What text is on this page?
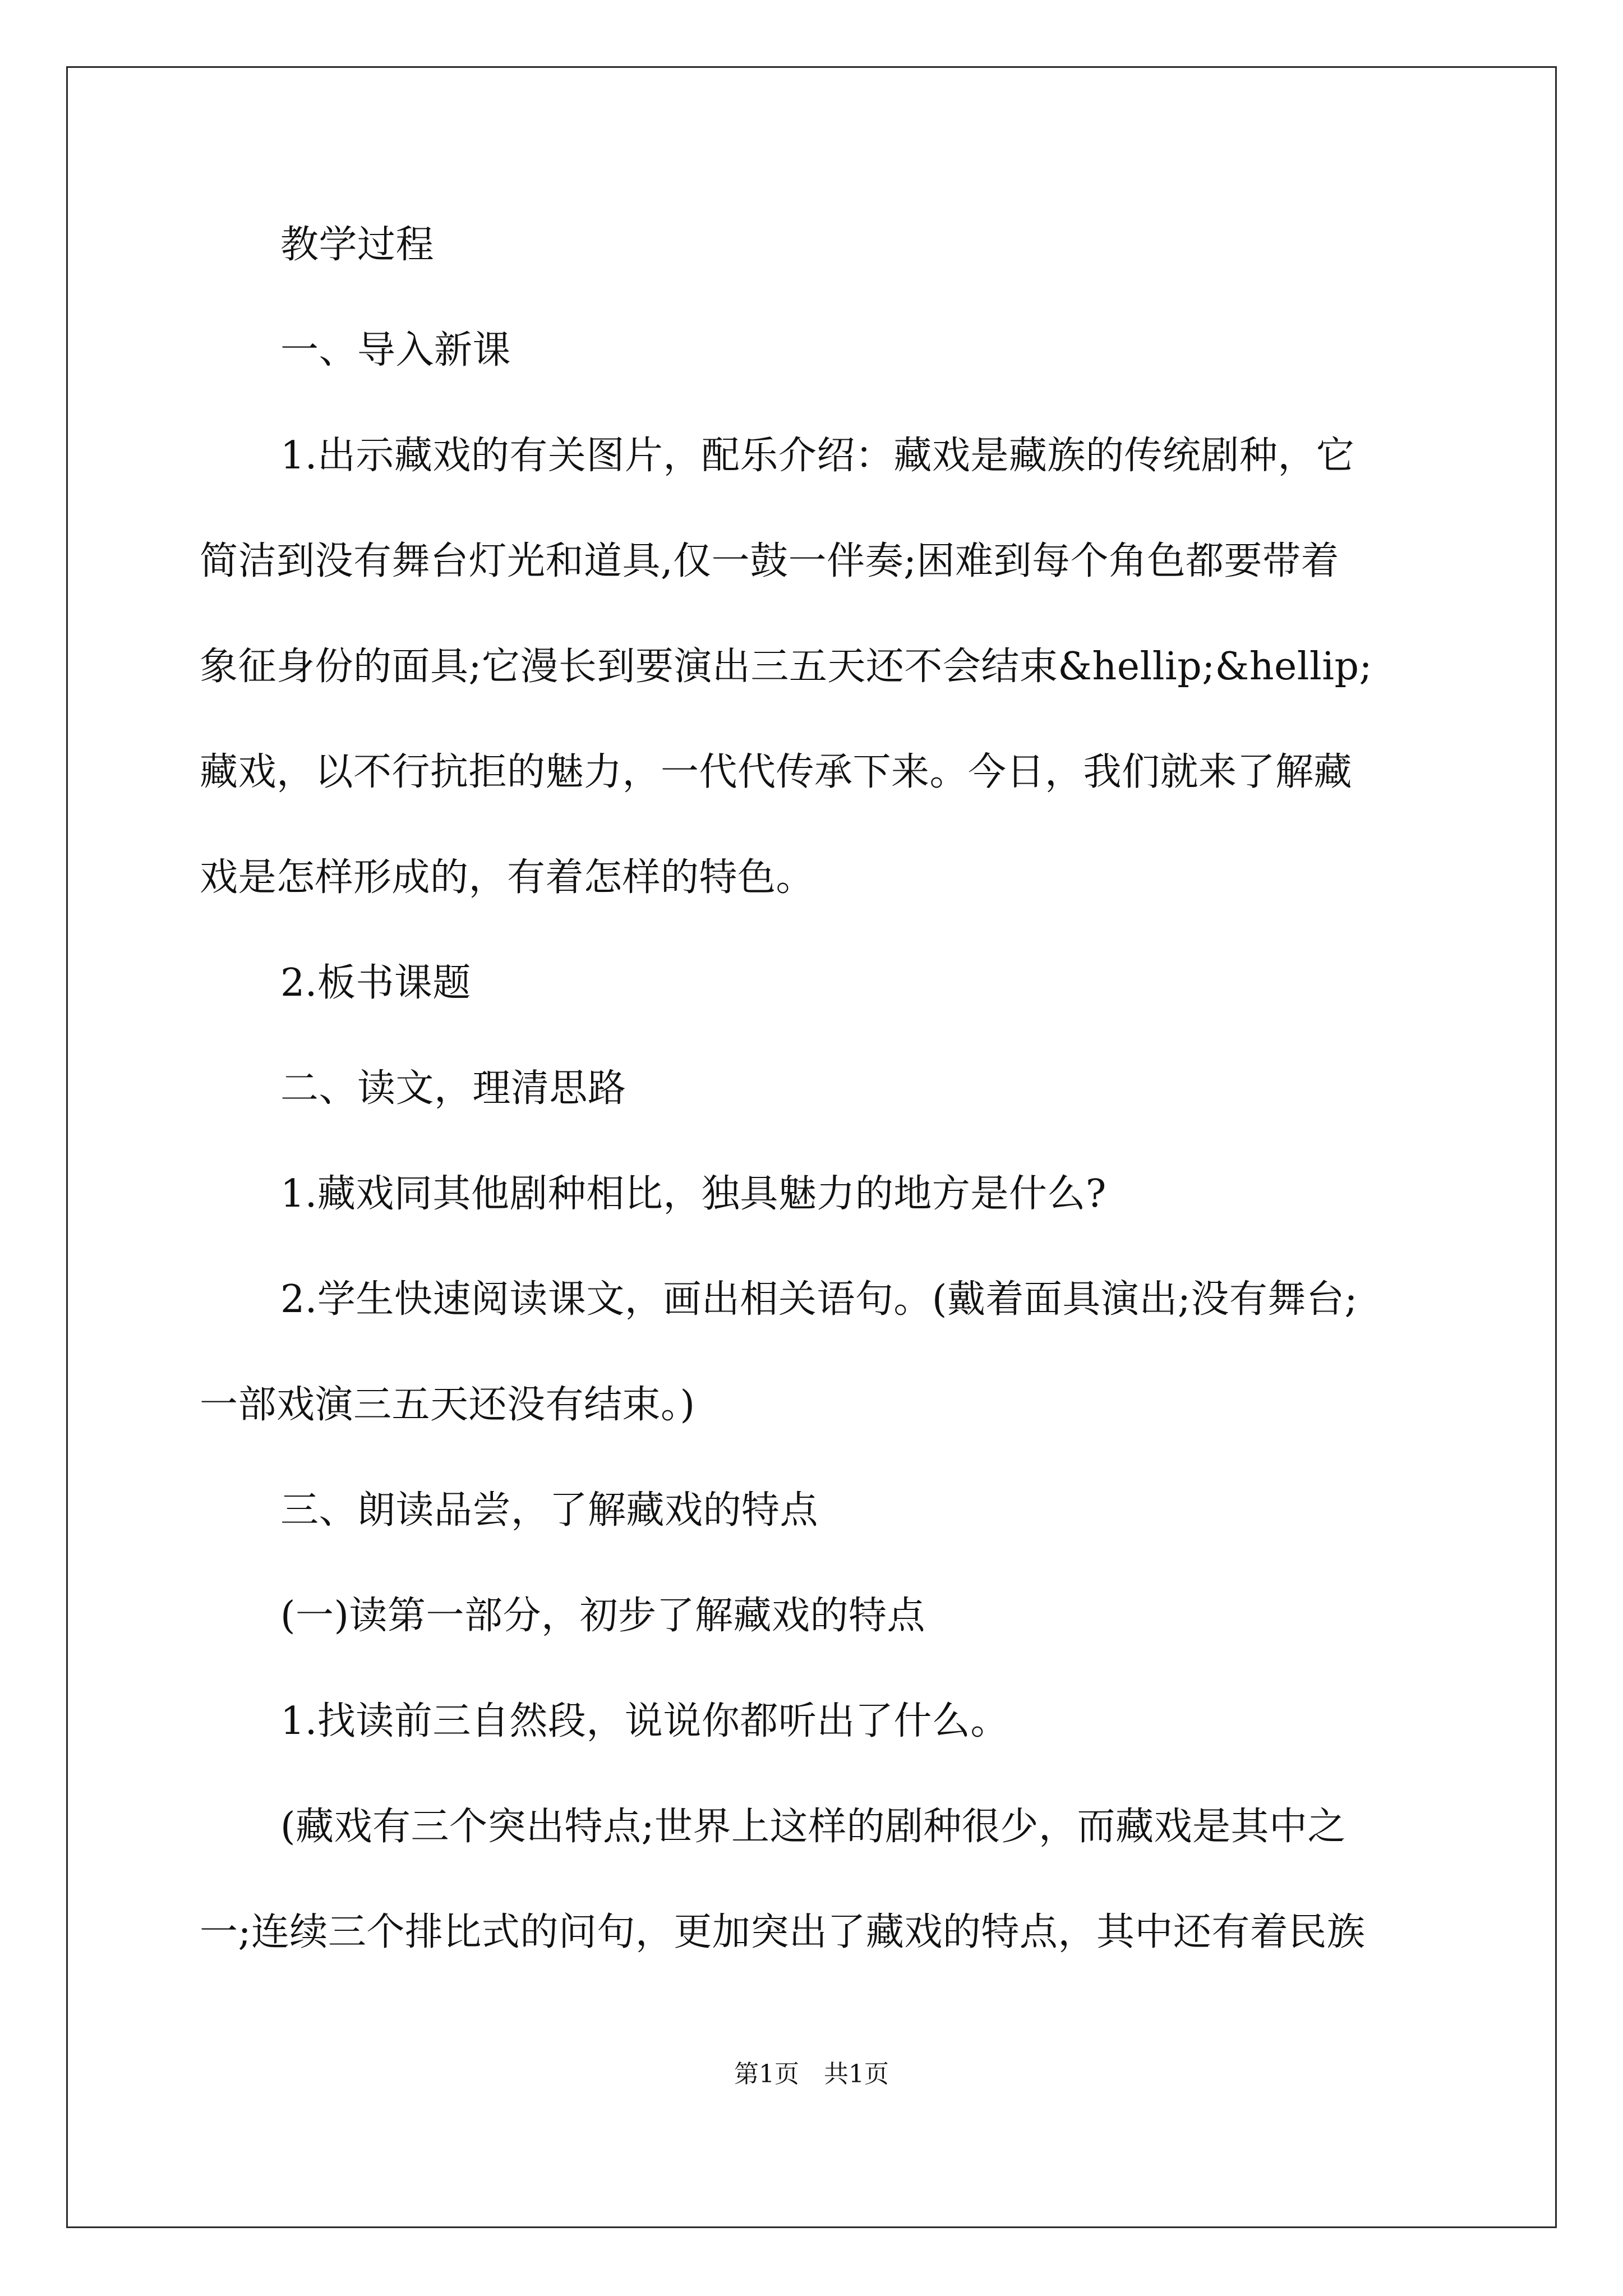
教学过程
一、导入新课
1.出示藏戏的有关图片，配乐介绍：藏戏是藏族的传统剧种，它
简洁到没有舞台灯光和道具,仅一鼓一伴奏;困难到每个角色都要带着
象征身份的面具;它漫长到要演出三五天还不会结束&hellip;&hellip;
藏戏，以不行抗拒的魅力，一代代传承下来。今日，我们就来了解藏
戏是怎样形成的，有着怎样的特色。
2.板书课题
二、读文，理清思路
1.藏戏同其他剧种相比，独具魅力的地方是什么?
2.学生快速阅读课文，画出相关语句。(戴着面具演出;没有舞台;
一部戏演三五天还没有结束。)
三、朗读品尝，了解藏戏的特点
(一)读第一部分，初步了解藏戏的特点
1.找读前三自然段，说说你都听出了什么。
(藏戏有三个突出特点;世界上这样的剧种很少，而藏戏是其中之
一;连续三个排比式的问句，更加突出了藏戏的特点，其中还有着民族
第1页　共1页
